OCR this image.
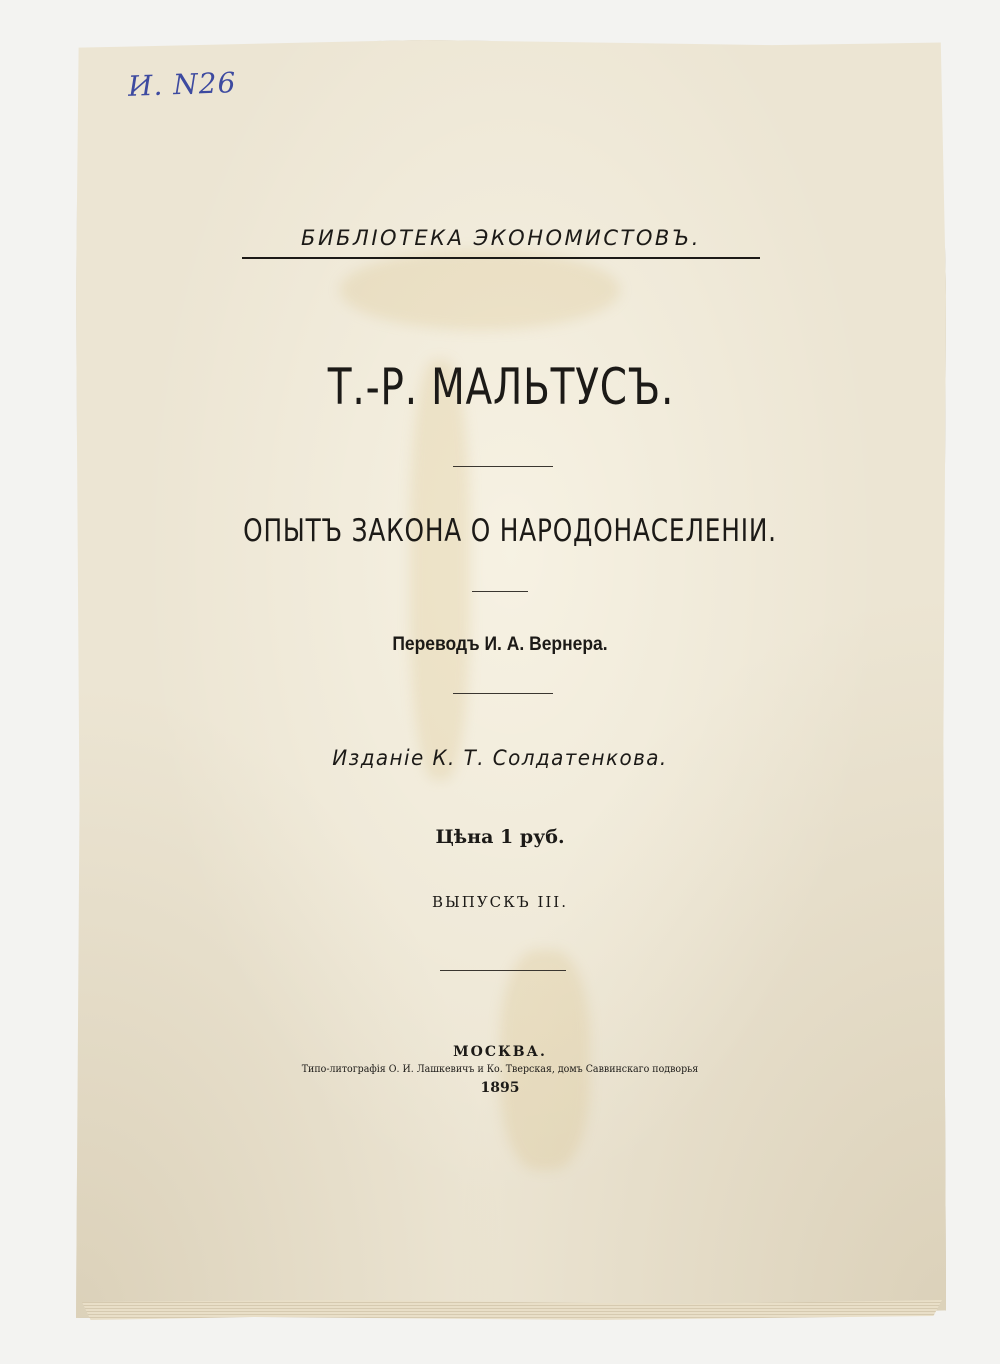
И. N26
БИБЛIОТЕКА ЭКОНОМИСТОВЪ.
Т.-Р. МАЛЬТУСЪ.
ОПЫТЪ ЗАКОНА О НАРОДОНАСЕЛЕНIИ.
Переводъ И. А. Вернера.
Изданiе К. Т. Солдатенкова.
Цѣна 1 руб.
ВЫПУСКЪ III.
МОСКВА.
Типо-литографiя О. И. Лашкевичъ и Ко. Тверская, домъ Саввинскаго подворья
1895
